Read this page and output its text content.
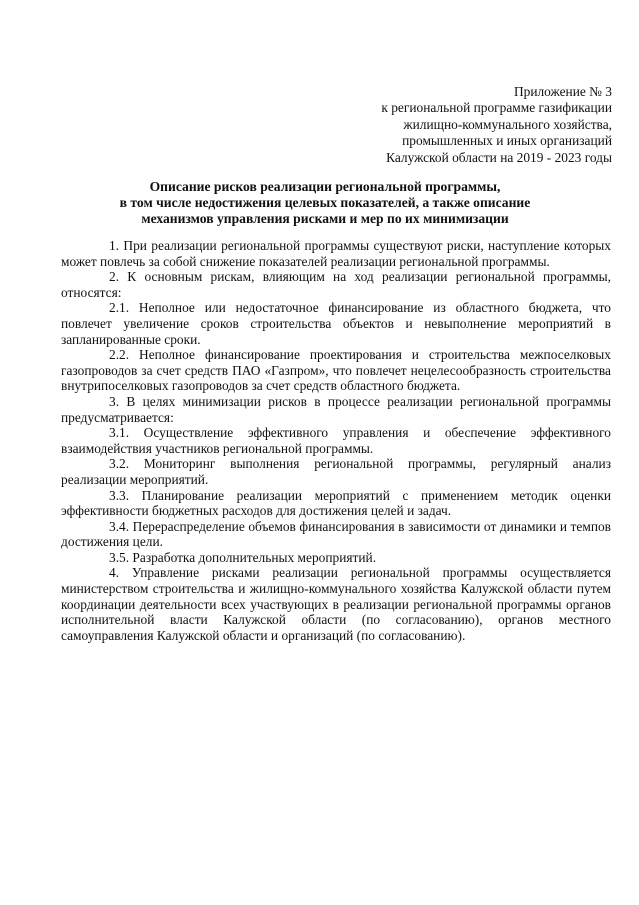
Приложение № 3
к региональной программе газификации
жилищно-коммунального хозяйства,
промышленных и иных организаций
Калужской области на 2019 - 2023 годы
Описание рисков реализации региональной программы,
в том числе недостижения целевых показателей, а также описание
механизмов управления рисками и мер по их минимизации

1. При реализации региональной программы существуют риски, наступление которых может повлечь за собой снижение показателей реализации региональной программы.

2. К основным рискам, влияющим на ход реализации региональной программы, относятся:

2.1. Неполное или недостаточное финансирование из областного бюджета, что повлечет увеличение сроков строительства объектов и невыполнение мероприятий в запланированные сроки.

2.2. Неполное финансирование проектирования и строительства межпоселковых газопроводов за счет средств ПАО «Газпром», что повлечет нецелесообразность строительства внутрипоселковых газопроводов за счет средств областного бюджета.

3. В целях минимизации рисков в процессе реализации региональной программы предусматривается:

3.1. Осуществление эффективного управления и обеспечение эффективного взаимодействия участников региональной программы.

3.2. Мониторинг выполнения региональной программы, регулярный анализ реализации мероприятий.

3.3. Планирование реализации мероприятий с применением методик оценки эффективности бюджетных расходов для достижения целей и задач.

3.4. Перераспределение объемов финансирования в зависимости от динамики и темпов достижения цели.

3.5. Разработка дополнительных мероприятий.

4. Управление рисками реализации региональной программы осуществляется министерством строительства и жилищно-коммунального хозяйства Калужской области путем координации деятельности всех участвующих в реализации региональной программы органов исполнительной власти Калужской области (по согласованию), органов местного самоуправления Калужской области и организаций (по согласованию).
